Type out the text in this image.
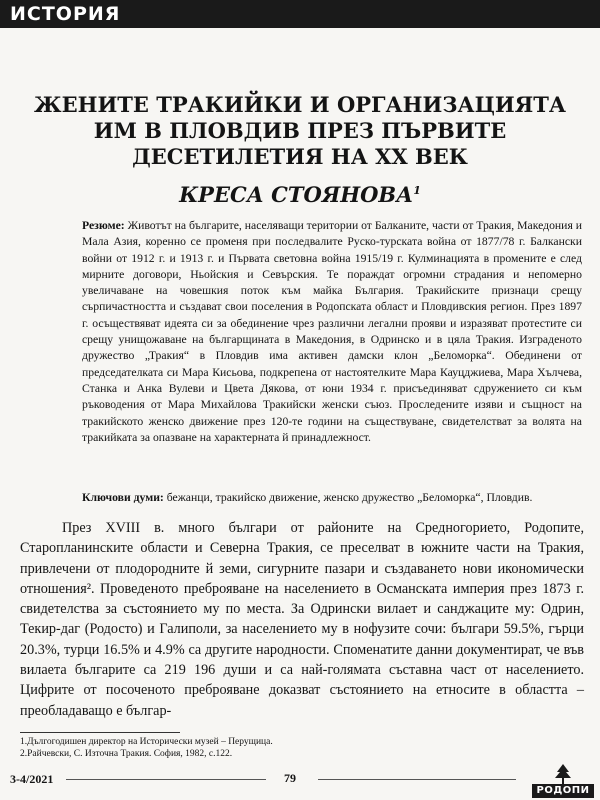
ИСТОРИЯ
ЖЕНИТЕ ТРАКИЙКИ И ОРГАНИЗАЦИЯТА
ИМ В ПЛОВДИВ ПРЕЗ ПЪРВИТЕ
ДЕСЕТИЛЕТИЯ НА ХХ ВЕК
КРЕСА СТОЯНОВА$^1$

Резюме: Животът на българите, населяващи територии от Балканите, части от Тракия, Македония и Мала Азия, коренно се променя при последвалите Руско-турската война от 1877/78 г. Балкански войни от 1912 г. и 1913 г. и Първата световна война 1915/19 г. Кулминацията в промените е след мирните договори, Ньойския и Севърския. Те пораждат огромни страдания и непомерно увеличаване на човешкия поток към майка България. Тракийските признаци срещу сърпичастността и създават свои поселения в Родопската област и Пловдивския регион. През 1897 г. осъществяват идеята си за обединение чрез различни легални прояви и изразяват протестите си срещу унищожаване на българщината в Македония, в Одринско и в цяла Тракия. Изграденото дружество „Тракия“ в Пловдив има активен дамски клон „Беломорка“. Обединени от председателката си Мара Кисьова, подкрепена от настоятелките Мара Кауцджиева, Мара Хълчева, Станка и Анка Вулеви и Цвета Дякова, от юни 1934 г. присъединяват сдружението си към ръководения от Мара Михайлова Тракийски женски съюз. Проследените изяви и същност на тракийското женско движение през 120-те години на съществуване, свидетелстват за волята на тракийката за опазване на характерната й принадлежност.

Ключови думи: бежанци, тракийско движение, женско дружество „Беломорка“, Пловдив.

През XVIII в. много българи от районите на Средногорието, Родопите, Старопланинските области и Северна Тракия, се преселват в южните части на Тракия, привлечени от плодородните й земи, сигурните пазари и създаването нови икономически отношения². Проведеното преброяване на населението в Османската империя през 1873 г. свидетелства за състоянието му по места. За Одрински вилает и санджаците му: Одрин, Текир-даг (Родосто) и Галиполи, за населението му в нофузите сочи: българи 59.5%, гърци 20.3%, турци 16.5% и 4.9% са другите народности. Споменатите данни документират, че във вилаета българите са 219 196 души и са най-голямата съставна част от населението. Цифрите от посоченото преброяване доказват състоянието на етносите в областта – преобладаващо е българ-

1.Дългогодишен директор на Исторически музей – Перущица.
2.Райчевски, С. Източна Тракия. София, 1982, с.122.
3-4/2021	79
РОДОПИ
